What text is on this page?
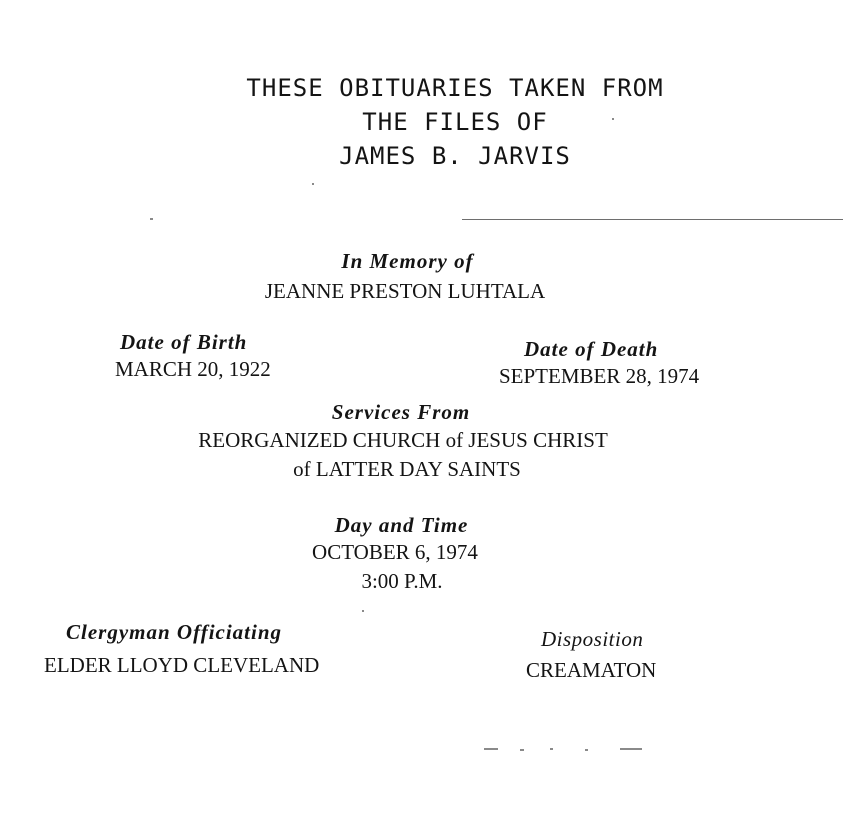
THESE OBITUARIES TAKEN FROM
THE FILES OF
JAMES B. JARVIS
In Memory of
JEANNE PRESTON LUHTALA
Date of Birth
MARCH 20, 1922
Date of Death
SEPTEMBER 28, 1974
Services From
REORGANIZED CHURCH of JESUS CHRIST
of LATTER DAY SAINTS
Day and Time
OCTOBER 6, 1974
3:00 P.M.
Clergyman Officiating
ELDER LLOYD CLEVELAND
Disposition
CREAMATON
